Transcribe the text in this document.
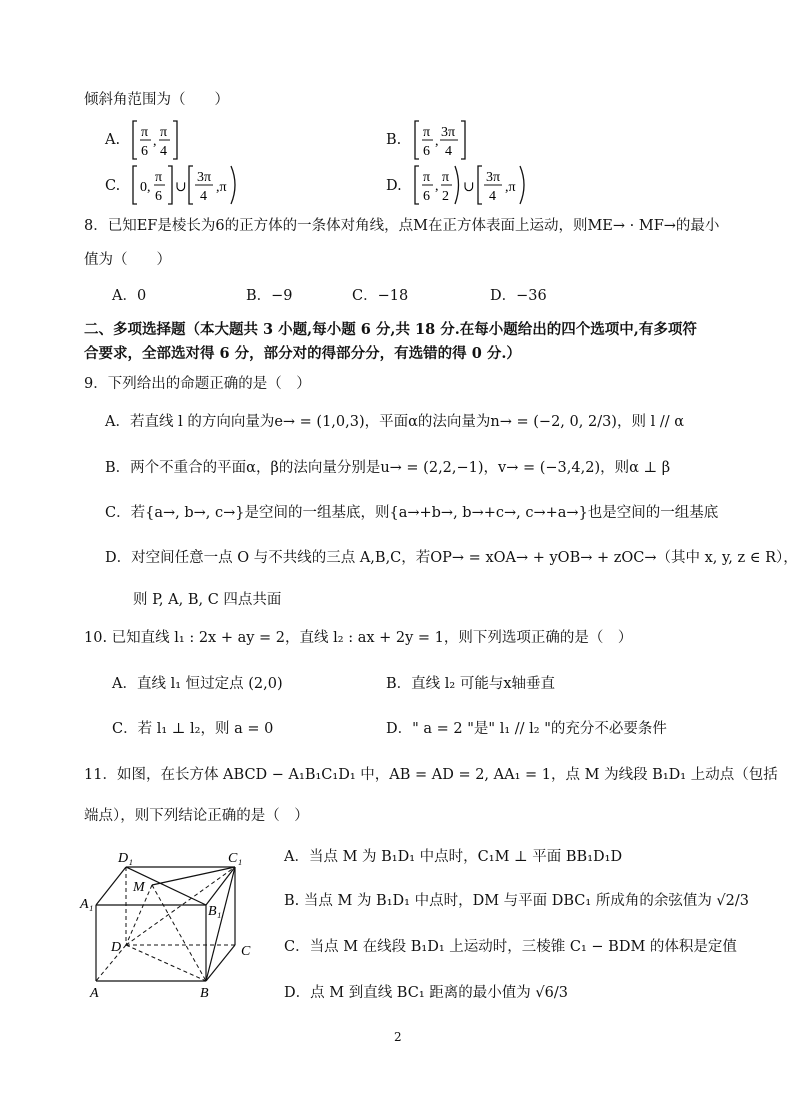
倾斜角范围为（　　）
A. π
6
,
π
4
B. π
6
,
3π
4
C. 0,
π
6
∪
3π
4
,π	D.
π
6
,
π
2
∪
3π
4
,π
8．已知EF是棱长为6的正方体的一条体对角线，点M在正方体表面上运动，则ME→ · MF→的最小
值为（　　）
A．0	B．−9	C．−18	D．−36
二、多项选择题（本大题共 3 小题,每小题 6 分,共 18 分.在每小题给出的四个选项中,有多项符
合要求，全部选对得 6 分，部分对的得部分分，有选错的得 0 分.）
9．下列给出的命题正确的是（　）
A．若直线 l 的方向向量为e→ = (1,0,3)，平面α的法向量为n→ = (−2, 0, 2/3)，则 l // α
B．两个不重合的平面α，β的法向量分别是u→ = (2,2,−1)，v→ = (−3,4,2)，则α ⊥ β
C．若{a→, b→, c→}是空间的一组基底，则{a→+b→, b→+c→, c→+a→}也是空间的一组基底
D．对空间任意一点 O 与不共线的三点 A,B,C，若OP→ = xOA→ + yOB→ + zOC→（其中 x, y, z ∈ R），
则 P, A, B, C 四点共面
10. 已知直线 l₁ : 2x + ay = 2，直线 l₂ : ax + 2y = 1，则下列选项正确的是（　）
A．直线 l₁ 恒过定点 (2,0)	B．直线 l₂ 可能与x轴垂直
C．若 l₁ ⊥ l₂，则 a = 0	D．" a = 2 "是" l₁ // l₂ "的充分不必要条件
11．如图，在长方体 ABCD − A₁B₁C₁D₁ 中，AB = AD = 2, AA₁ = 1，点 M 为线段 B₁D₁ 上动点（包括
端点），则下列结论正确的是（　）
D₁	C₁
M
A₁	B₁
D	C
A	B
A．当点 M 为 B₁D₁ 中点时，C₁M ⊥ 平面 BB₁D₁D
B. 当点 M 为 B₁D₁ 中点时，DM 与平面 DBC₁ 所成角的余弦值为 √2/3
C．当点 M 在线段 B₁D₁ 上运动时，三棱锥 C₁ − BDM 的体积是定值
D．点 M 到直线 BC₁ 距离的最小值为 √6/3
2
